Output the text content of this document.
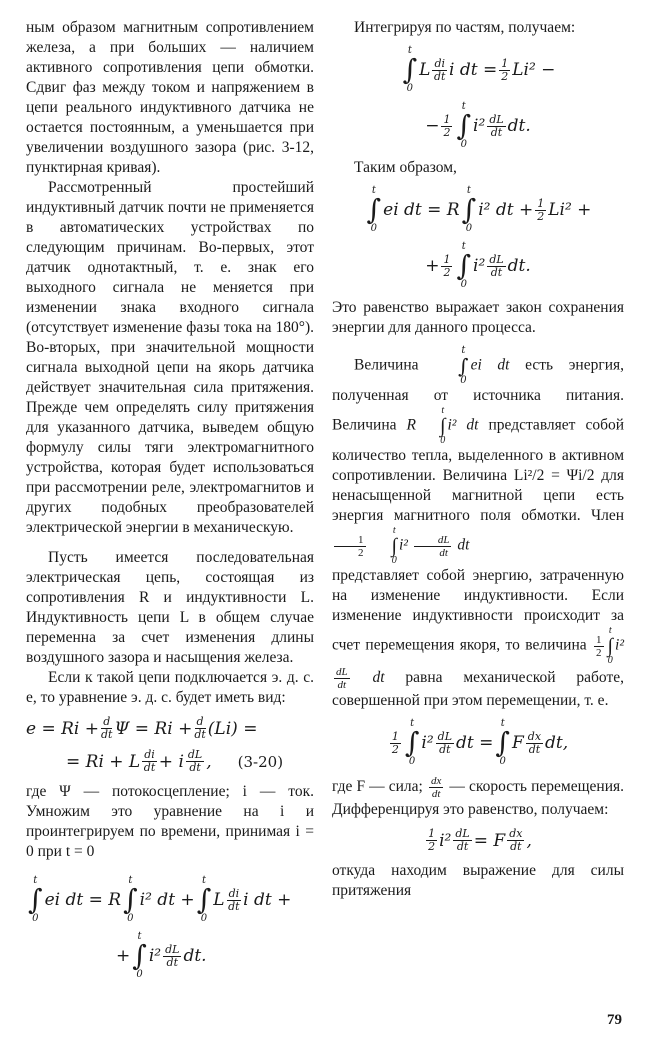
ным образом магнитным сопротивлением железа, а при больших — наличием активного сопротивления цепи обмотки. Сдвиг фаз между током и напряжением в цепи реального индуктивного датчика не остается постоянным, а уменьшается при увеличении воздушного зазора (рис. 3-12, пунктирная кривая).

Рассмотренный простейший индуктивный датчик почти не применяется в автоматических устройствах по следующим причинам. Во-первых, этот датчик однотактный, т. е. знак его выходного сигнала не меняется при изменении знака входного сигнала (отсутствует изменение фазы тока на 180°). Во-вторых, при значительной мощности сигнала выходной цепи на якорь датчика действует значительная сила притяжения. Прежде чем определять силу притяжения для указанного датчика, выведем общую формулу силы тяги электромагнитного устройства, которая будет использоваться при рассмотрении реле, электромагнитов и других подобных преобразователей электрической энергии в механическую.

Пусть имеется последовательная электрическая цепь, состоящая из сопротивления R и индуктивности L. Индуктивность цепи L в общем случае переменна за счет изменения длины воздушного зазора и насыщения железа.

Если к такой цепи подключается э. д. с. e, то уравнение э. д. с. будет иметь вид:

$e = Ri + \frac{d}{dt}$ $\Psi = Ri + \frac{d}{dt} (Li)$ =
= Ri + L $\frac{di}{dt} + i \frac{dL}{dt}$ , (3-20)

где Ψ — потокосцепление; i — ток. Умножим это уравнение на i и проинтегрируем по времени, принимая i = 0 при t = 0

t
∫
0
ei dt = R
t
∫
0
i² dt +
t
∫
0
L $\frac{di}{dt}$ i dt +
+
t
∫
0
$i^2 \frac{dL}{dt}$ dt.

Интегрируя по частям, получаем:

t
∫
0
L $\frac{di}{dt}$ i dt = $\frac{1}{2} Li^2$ −
− $\frac{1}{2}$
t
∫
0
$i^2 \frac{dL}{dt}$ dt.

Таким образом,

t
∫
0
ei dt = R
t
∫
0
i² dt + $\frac{1}{2} Li^2$ +
+ $\frac{1}{2}$
t
∫
0
$i^2 \frac{dL}{dt}$ dt.

Это равенство выражает закон сохранения энергии для данного процесса.

Величина
t
∫
0
ei dt есть энергия, полученная от источника питания. Величина R
t
∫
0
i² dt представляет собой количество тепла, выделенного в активном сопротивлении. Величина Li²/2 = Ψi/2 для ненасыщенной магнитной цепи есть энергия магнитного поля обмотки. Член
$\frac{1}{2}$
t
∫
0
$i^2 \frac{dL}{dt}$ dt

представляет собой энергию, затраченную на изменение индуктивности. Если изменение индуктивности происходит за счет перемещения якоря, то величина $\frac{1}{2}$
t
∫
0
i²
$\frac{dL}{dt}$ dt равна механической работе, совершенной при этом перемещении, т. е.

$\frac{1}{2}$
t
∫
0
$i^2 \frac{dL}{dt}$ dt =
t
∫
0
F $\frac{dx}{dt}$ dt,

где F — сила; $\frac{dx}{dt}$ — скорость перемещения. Дифференцируя это равенство, получаем:

$\frac{1}{2} i^2 \frac{dL}{dt} = F \frac{dx}{dt}$ ,

откуда находим выражение для силы притяжения

79
